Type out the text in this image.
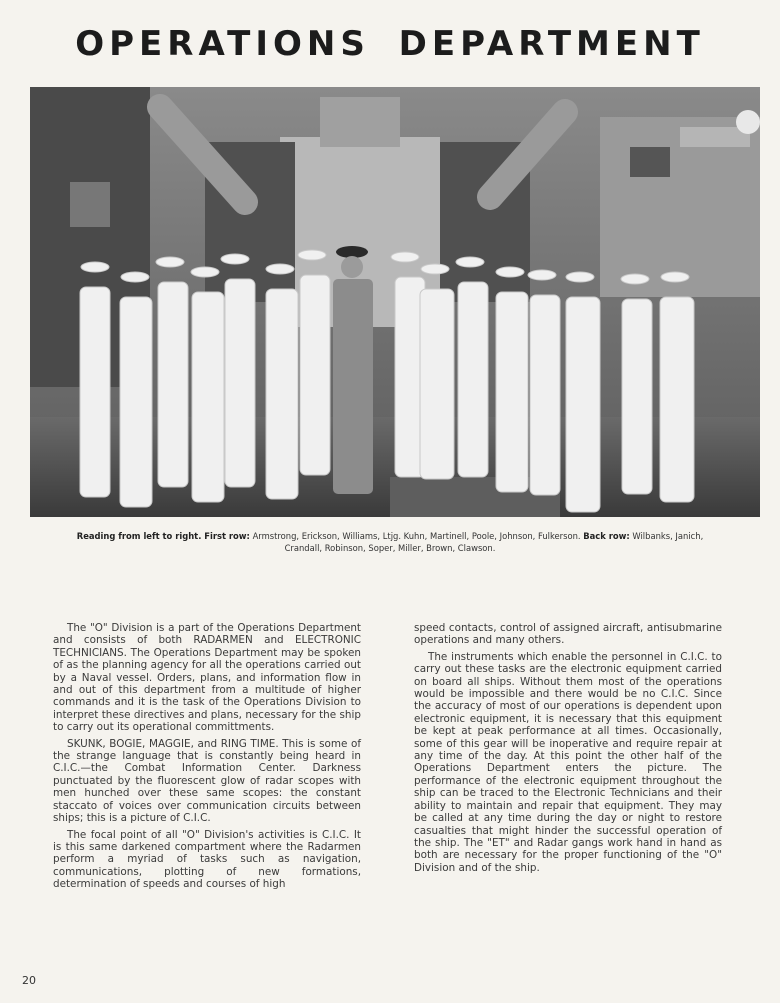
OPERATIONS DEPARTMENT
Reading from left to right. First row: Armstrong, Erickson, Williams, Ltjg. Kuhn, Martinell, Poole, Johnson, Fulkerson. Back row: Wilbanks, Janich, Crandall, Robinson, Soper, Miller, Brown, Clawson.

The "O" Division is a part of the Operations Department and consists of both RADARMEN and ELECTRONIC TECHNICIANS. The Operations Department may be spoken of as the planning agency for all the operations carried out by a Naval vessel. Orders, plans, and information flow in and out of this department from a multitude of higher commands and it is the task of the Operations Division to interpret these directives and plans, necessary for the ship to carry out its operational committments.

SKUNK, BOGIE, MAGGIE, and RING TIME. This is some of the strange language that is constantly being heard in C.I.C.—the Combat Information Center. Darkness punctuated by the fluorescent glow of radar scopes with men hunched over these same scopes: the constant staccato of voices over communication circuits between ships; this is a picture of C.I.C.

The focal point of all "O" Division's activities is C.I.C. It is this same darkened compartment where the Radarmen perform a myriad of tasks such as navigation, communications, plotting of new formations, determination of speeds and courses of high

speed contacts, control of assigned aircraft, antisubmarine operations and many others.

The instruments which enable the personnel in C.I.C. to carry out these tasks are the electronic equipment carried on board all ships. Without them most of the operations would be impossible and there would be no C.I.C. Since the accuracy of most of our operations is dependent upon electronic equipment, it is necessary that this equipment be kept at peak performance at all times. Occasionally, some of this gear will be inoperative and require repair at any time of the day. At this point the other half of the Operations Department enters the picture. The performance of the electronic equipment throughout the ship can be traced to the Electronic Technicians and their ability to maintain and repair that equipment. They may be called at any time during the day or night to restore casualties that might hinder the successful operation of the ship. The "ET" and Radar gangs work hand in hand as both are necessary for the proper functioning of the "O" Division and of the ship.

20
